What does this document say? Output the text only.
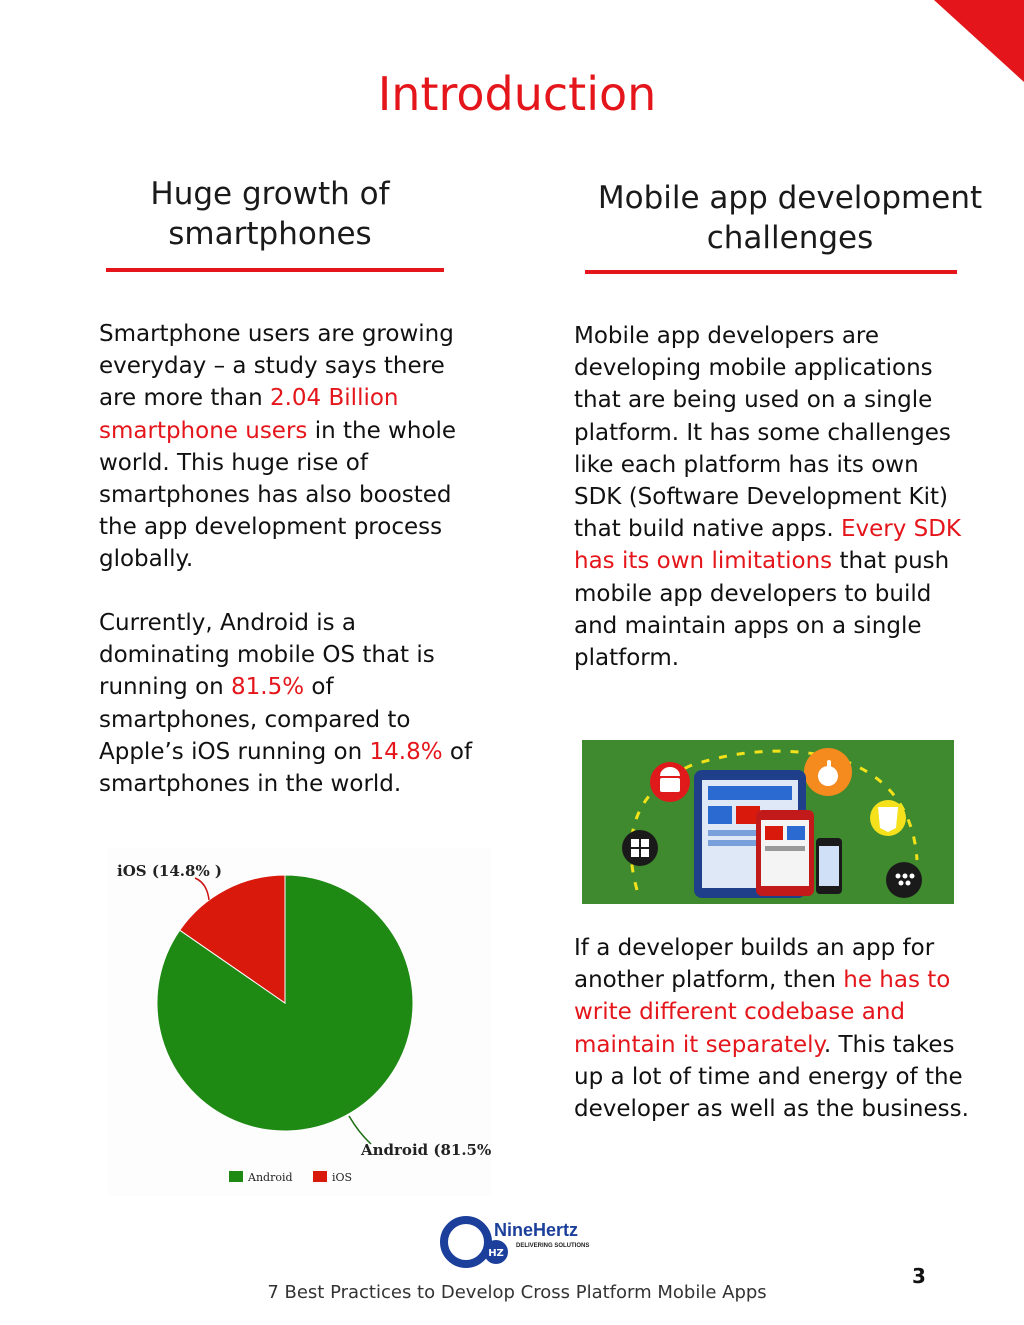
Introduction
Huge growth of
smartphones
Smartphone users are growing everyday – a study says there are more than 2.04 Billion smartphone users in the whole world. This huge rise of smartphones has also boosted the app development process globally.
Currently, Android is a dominating mobile OS that is running on 81.5% of smartphones, compared to Apple’s iOS running on 14.8% of smartphones in the world.
iOS (14.8% )
Android (81.5% )
Android	iOS
Mobile app development
challenges
Mobile app developers are developing mobile applications that are being used on a single platform. It has some challenges like each platform has its own SDK (Software Development Kit) that build native apps. Every SDK has its own limitations that push mobile app developers to build and maintain apps on a single platform.
If a developer builds an app for another platform, then he has to write different codebase and maintain it separately. This takes up a lot of time and energy of the developer as well as the business.
HZ
NineHertz
DELIVERING SOLUTIONS
7 Best Practices to Develop Cross Platform Mobile Apps
3
